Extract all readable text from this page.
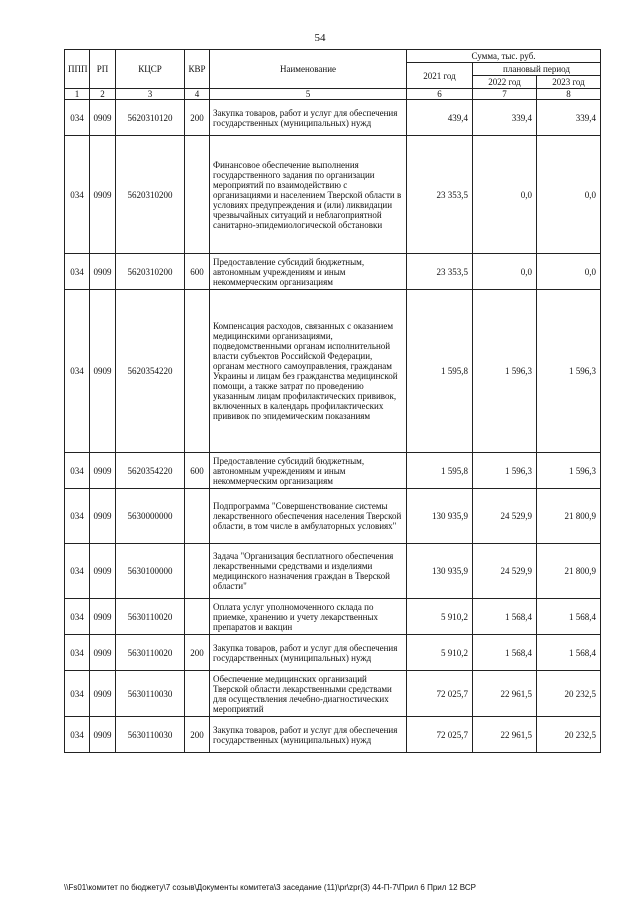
54
ППП	РП	КЦСР	КВР	Наименование	Сумма, тыс. руб.		
					2021 год	плановый период	
						2022 год	2023 год
1	2	3	4	5	6	7	8
034	0909	5620310120	200	Закупка товаров, работ и услуг для обеспечения государственных (муниципальных) нужд	439,4	339,4	339,4
034	0909	5620310200		Финансовое обеспечение выполнения государственного задания по организации мероприятий по взаимодействию с организациями и населением Тверской области в условиях предупреждения и (или) ликвидации чрезвычайных ситуаций и неблагоприятной санитарно-эпидемиологической обстановки	23 353,5	0,0	0,0
034	0909	5620310200	600	Предоставление субсидий бюджетным, автономным учреждениям и иным некоммерческим организациям	23 353,5	0,0	0,0
034	0909	5620354220		Компенсация расходов, связанных с оказанием медицинскими организациями, подведомственными органам исполнительной власти субъектов Российской Федерации, органам местного самоуправления, гражданам Украины и лицам без гражданства медицинской помощи, а также затрат по проведению указанным лицам профилактических прививок, включенных в календарь профилактических прививок по эпидемическим показаниям	1 595,8	1 596,3	1 596,3
034	0909	5620354220	600	Предоставление субсидий бюджетным, автономным учреждениям и иным некоммерческим организациям	1 595,8	1 596,3	1 596,3
034	0909	5630000000		Подпрограмма "Совершенствование системы лекарственного обеспечения населения Тверской области, в том числе в амбулаторных условиях"	130 935,9	24 529,9	21 800,9
034	0909	5630100000		Задача "Организация бесплатного обеспечения лекарственными средствами и изделиями медицинского назначения граждан в Тверской области"	130 935,9	24 529,9	21 800,9
034	0909	5630110020		Оплата услуг уполномоченного склада по приемке, хранению и учету лекарственных препаратов и вакцин	5 910,2	1 568,4	1 568,4
034	0909	5630110020	200	Закупка товаров, работ и услуг для обеспечения государственных (муниципальных) нужд	5 910,2	1 568,4	1 568,4
034	0909	5630110030		Обеспечение медицинских организаций Тверской области лекарственными средствами для осуществления лечебно-диагностических мероприятий	72 025,7	22 961,5	20 232,5
034	0909	5630110030	200	Закупка товаров, работ и услуг для обеспечения государственных (муниципальных) нужд	72 025,7	22 961,5	20 232,5
\\Fs01\комитет по бюджету\7 созыв\Документы комитета\3 заседание (11)\pr\zpr(3) 44-П-7\Прил 6 Прил 12 ВСР
